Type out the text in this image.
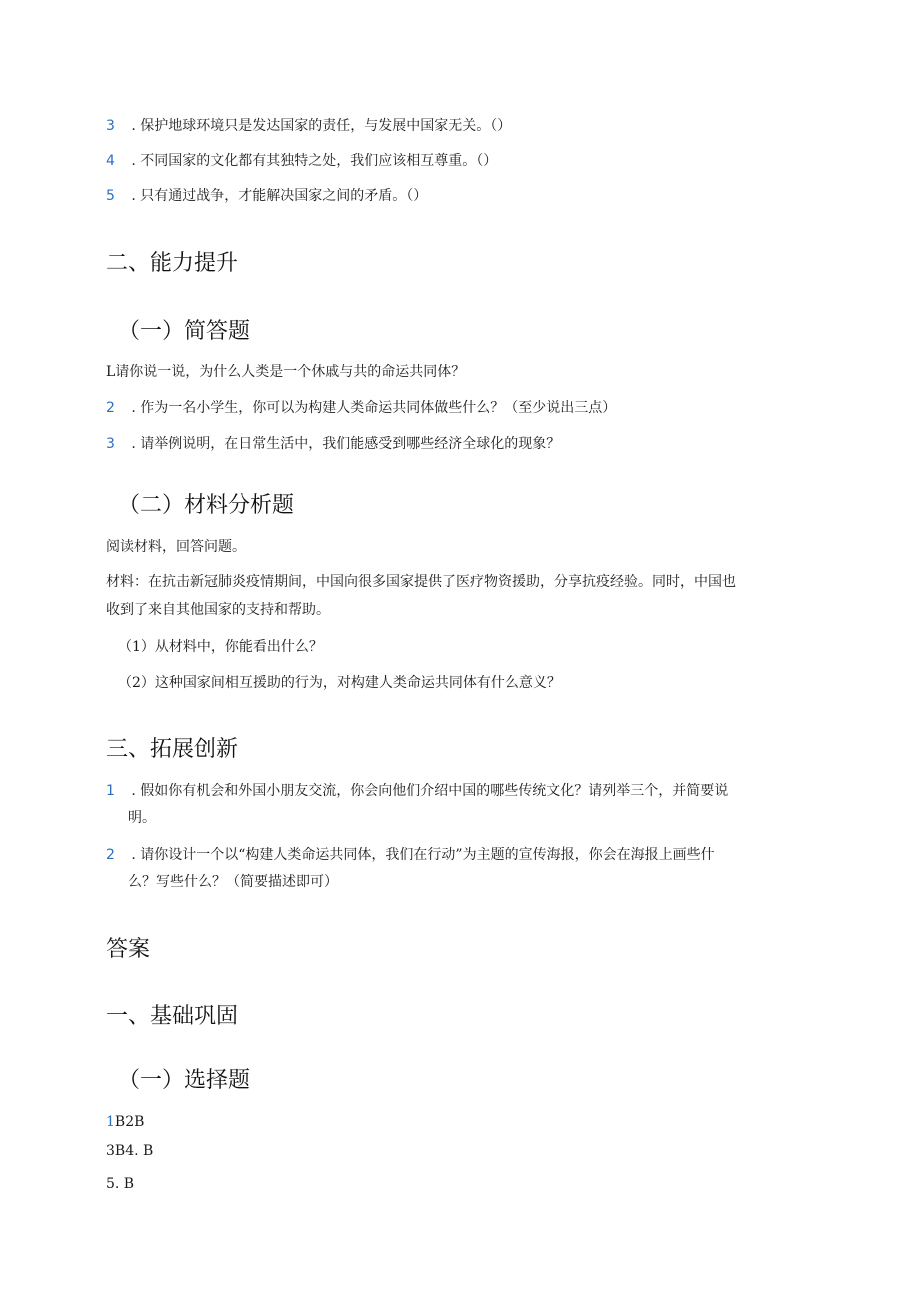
3 . 保护地球环境只是发达国家的责任，与发展中国家无关。（）
4 . 不同国家的文化都有其独特之处，我们应该相互尊重。（）
5 . 只有通过战争，才能解决国家之间的矛盾。（）
二、能力提升
（一）简答题
L请你说一说，为什么人类是一个休戚与共的命运共同体？
2 . 作为一名小学生，你可以为构建人类命运共同体做些什么？（至少说出三点）
3 . 请举例说明，在日常生活中，我们能感受到哪些经济全球化的现象？
（二）材料分析题
阅读材料，回答问题。
材料：在抗击新冠肺炎疫情期间，中国向很多国家提供了医疗物资援助，分享抗疫经验。同时，中国也
收到了来自其他国家的支持和帮助。
（1）从材料中，你能看出什么？
（2）这种国家间相互援助的行为，对构建人类命运共同体有什么意义？
三、拓展创新
1 . 假如你有机会和外国小朋友交流，你会向他们介绍中国的哪些传统文化？请列举三个，并简要说
明。
2 . 请你设计一个以“构建人类命运共同体，我们在行动”为主题的宣传海报，你会在海报上画些什
么？写些什么？（简要描述即可）
答案
一、基础巩固
（一）选择题
1B2B
3B4. B
5. B
